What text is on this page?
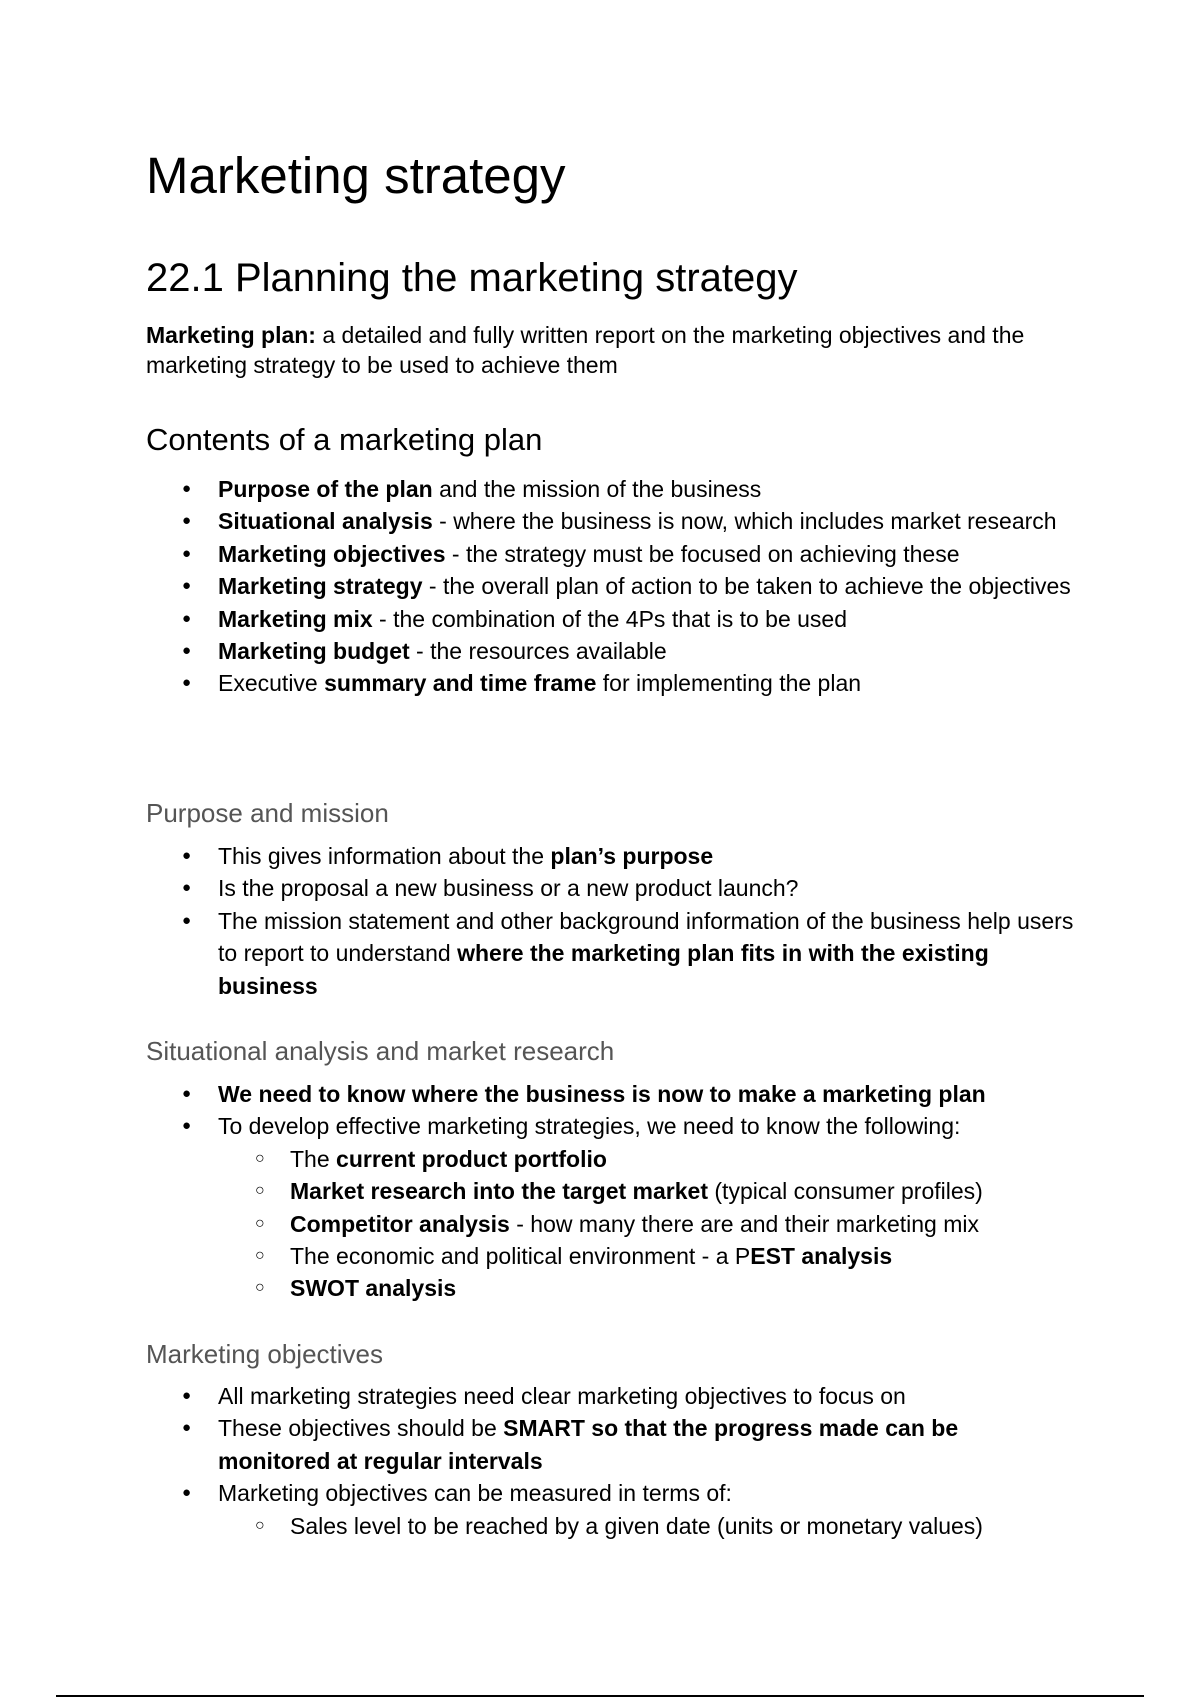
Marketing strategy
22.1 Planning the marketing strategy

Marketing plan: a detailed and fully written report on the marketing objectives and the marketing strategy to be used to achieve them

Contents of a marketing plan
● Purpose of the plan and the mission of the business
● Situational analysis - where the business is now, which includes market research
● Marketing objectives - the strategy must be focused on achieving these
● Marketing strategy - the overall plan of action to be taken to achieve the objectives
● Marketing mix - the combination of the 4Ps that is to be used
● Marketing budget - the resources available
● Executive summary and time frame for implementing the plan
Purpose and mission
● This gives information about the plan’s purpose
● Is the proposal a new business or a new product launch?
● The mission statement and other background information of the business help users to report to understand where the marketing plan fits in with the existing business
Situational analysis and market research
● We need to know where the business is now to make a marketing plan
● To develop effective marketing strategies, we need to know the following:
○ The current product portfolio
○ Market research into the target market (typical consumer profiles)
○ Competitor analysis - how many there are and their marketing mix
○ The economic and political environment - a PEST analysis
○ SWOT analysis
Marketing objectives
● All marketing strategies need clear marketing objectives to focus on
● These objectives should be SMART so that the progress made can be monitored at regular intervals
● Marketing objectives can be measured in terms of:
○ Sales level to be reached by a given date (units or monetary values)
